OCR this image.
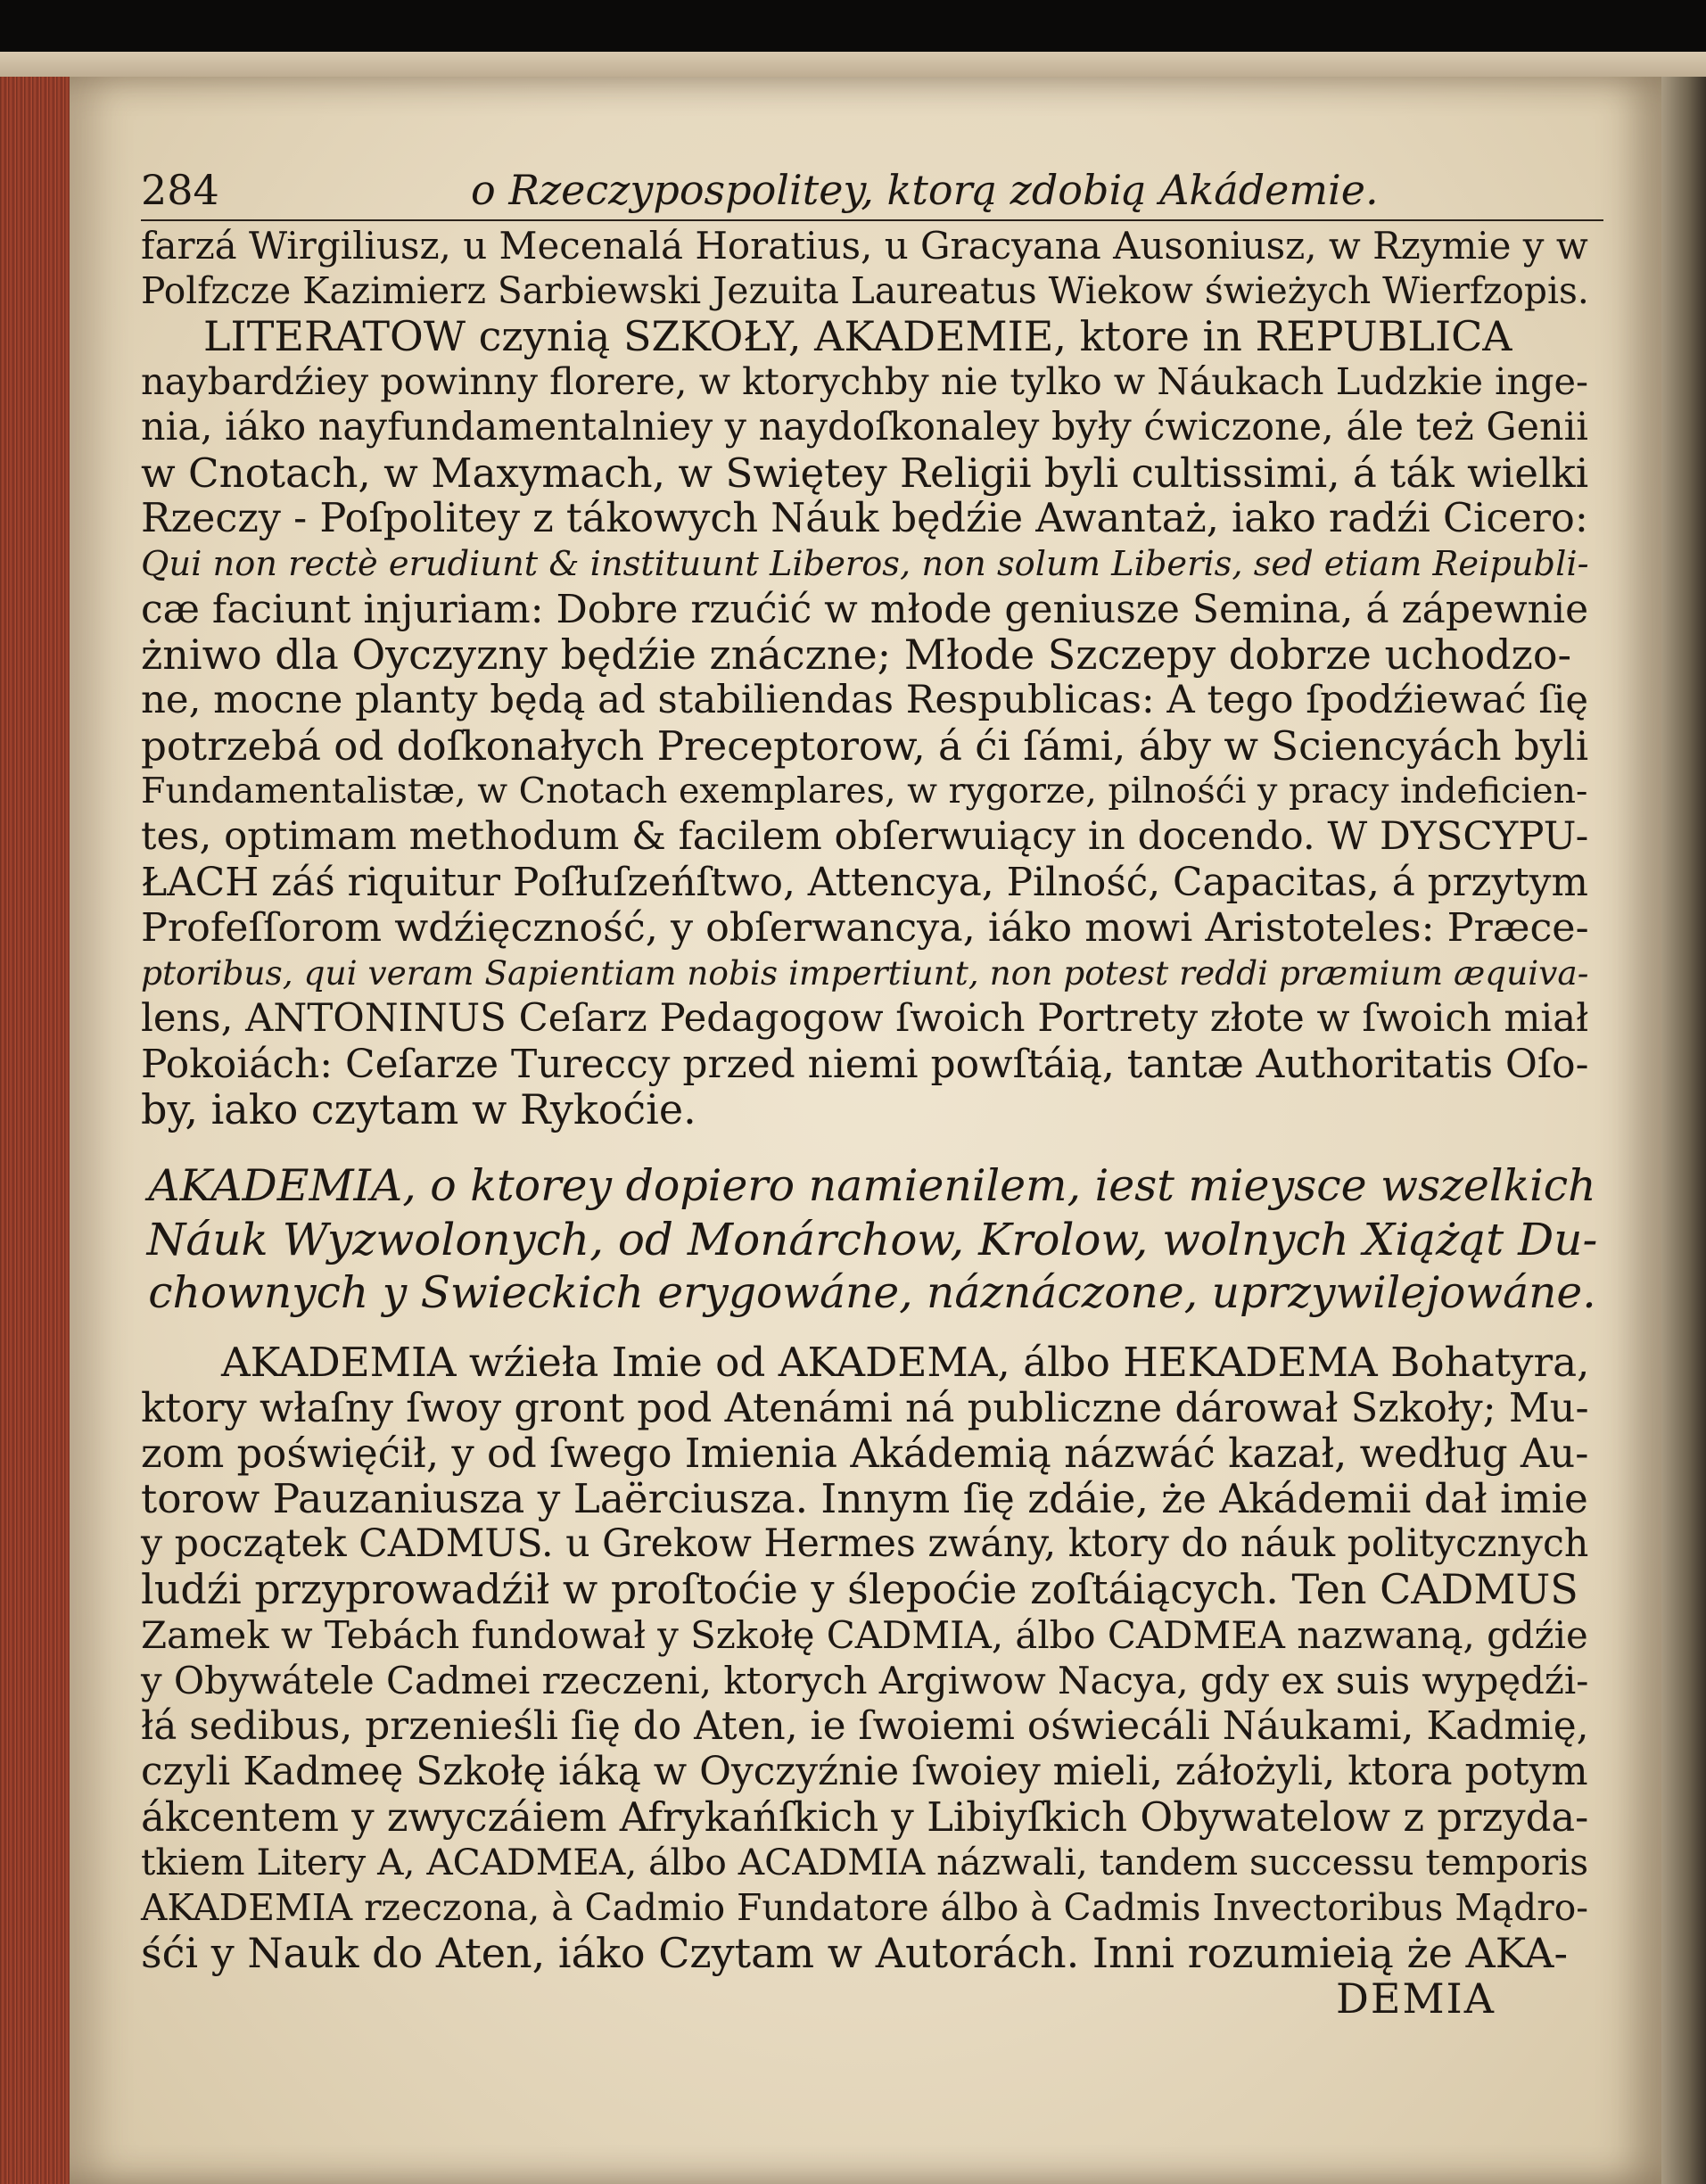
284	o Rzeczypospolitey, ktorą zdobią Akádemie.
farzá Wirgiliusz, u Mecenalá Horatius, u Gracyana Ausoniusz, w Rzymie y w
Polfzcze Kazimierz Sarbiewski Jezuita Laureatus Wiekow świeżych Wierfzopis.
LITERATOW czynią SZKOŁY, AKADEMIE, ktore in REPUBLICA
naybardźiey powinny florere, w ktorychby nie tylko w Náukach Ludzkie inge-
nia, iáko nayfundamentalniey y naydoſkonaley były ćwiczone, ále też Genii
w Cnotach, w Maxymach, w Swiętey Religii byli cultissimi, á ták wielki
Rzeczy - Poſpolitey z tákowych Náuk będźie Awantaż, iako radźi Cicero:
Qui non rectè erudiunt & instituunt Liberos, non solum Liberis, sed etiam Reipubli-
cæ faciunt injuriam: Dobre rzućić w młode geniusze Semina, á zápewnie
żniwo dla Oyczyzny będźie znáczne; Młode Szczepy dobrze uchodzo-
ne, mocne planty będą ad stabiliendas Respublicas: A tego ſpodźiewać ſię
potrzebá od doſkonałych Preceptorow, á ći ſámi, áby w Sciencyách byli
Fundamentalistæ, w Cnotach exemplares, w rygorze, pilnośći y pracy indeficien-
tes, optimam methodum & facilem obſerwuiący in docendo. W DYSCYPU-
ŁACH záś riquitur Poſłuſzeńſtwo, Attencya, Pilność, Capacitas, á przytym
Profeſſorom wdźięczność, y obſerwancya, iáko mowi Aristoteles: Præce-
ptoribus, qui veram Sapientiam nobis impertiunt, non potest reddi præmium æquiva-
lens, ANTONINUS Ceſarz Pedagogow ſwoich Portrety złote w ſwoich miał
Pokoiách: Ceſarze Tureccy przed niemi powſtáią, tantæ Authoritatis Oſo-
by, iako czytam w Rykoćie.
AKADEMIA, o ktorey dopiero namienilem, iest mieysce wszelkich
Náuk Wyzwolonych, od Monárchow, Krolow, wolnych Xiążąt Du-
chownych y Swieckich erygowáne, náznáczone, uprzywilejowáne.
AKADEMIA wźieła Imie od AKADEMA, álbo HEKADEMA Bohatyra,
ktory właſny ſwoy gront pod Atenámi ná publiczne dárował Szkoły; Mu-
zom poświęćił, y od ſwego Imienia Akádemią názwáć kazał, według Au-
torow Pauzaniusza y Laërciusza. Innym ſię zdáie, że Akádemii dał imie
y początek CADMUS. u Grekow Hermes zwány, ktory do náuk politycznych
ludźi przyprowadźił w proſtoćie y ślepoćie zoſtáiących. Ten CADMUS
Zamek w Tebách fundował y Szkołę CADMIA, álbo CADMEA nazwaną, gdźie
y Obywátele Cadmei rzeczeni, ktorych Argiwow Nacya, gdy ex suis wypędźi-
łá sedibus, przenieśli ſię do Aten, ie ſwoiemi oświecáli Náukami, Kadmię,
czyli Kadmeę Szkołę iáką w Oyczyźnie ſwoiey mieli, záłożyli, ktora potym
ákcentem y zwyczáiem Afrykańſkich y Libiyſkich Obywatelow z przyda-
tkiem Litery A, ACADMEA, álbo ACADMIA názwali, tandem successu temporis
AKADEMIA rzeczona, à Cadmio Fundatore álbo à Cadmis Invectoribus Mądro-
śći y Nauk do Aten, iáko Czytam w Autorách. Inni rozumieią że AKA-
DEMIA
